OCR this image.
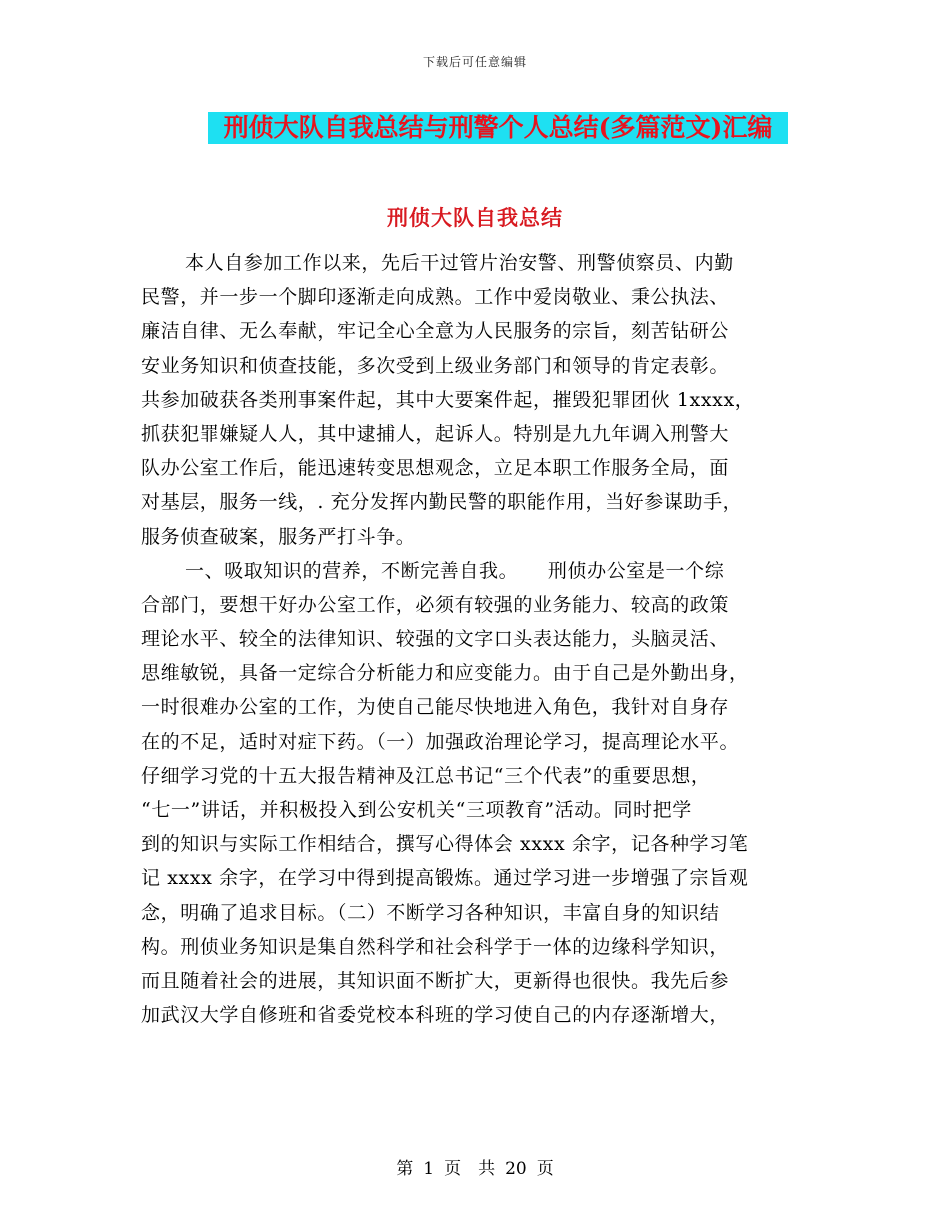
下载后可任意编辑
刑侦大队自我总结与刑警个人总结(多篇范文)汇编
刑侦大队自我总结
本人自参加工作以来，先后干过管片治安警、刑警侦察员、内勤
民警，并一步一个脚印逐渐走向成熟。工作中爱岗敬业、秉公执法、
廉洁自律、无么奉献，牢记全心全意为人民服务的宗旨，刻苦钻研公
安业务知识和侦查技能，多次受到上级业务部门和领导的肯定表彰。
共参加破获各类刑事案件起，其中大要案件起，摧毁犯罪团伙 1xxxx，
抓获犯罪嫌疑人人，其中逮捕人，起诉人。特别是九九年调入刑警大
队办公室工作后，能迅速转变思想观念，立足本职工作服务全局，面
对基层，服务一线，. 充分发挥内勤民警的职能作用，当好参谋助手，
服务侦查破案，服务严打斗争。
一、吸取知识的营养，不断完善自我。　　刑侦办公室是一个综
合部门，要想干好办公室工作，必须有较强的业务能力、较高的政策
理论水平、较全的法律知识、较强的文字口头表达能力，头脑灵活、
思维敏锐，具备一定综合分析能力和应变能力。由于自己是外勤出身，
一时很难办公室的工作，为使自己能尽快地进入角色，我针对自身存
在的不足，适时对症下药。（一）加强政治理论学习，提高理论水平。
仔细学习党的十五大报告精神及江总书记“三个代表”的重要思想，
“七一”讲话，并积极投入到公安机关“三项教育”活动。同时把学
到的知识与实际工作相结合，撰写心得体会 xxxx 余字，记各种学习笔
记 xxxx 余字，在学习中得到提高锻炼。通过学习进一步增强了宗旨观
念，明确了追求目标。（二）不断学习各种知识，丰富自身的知识结
构。刑侦业务知识是集自然科学和社会科学于一体的边缘科学知识，
而且随着社会的进展，其知识面不断扩大，更新得也很快。我先后参
加武汉大学自修班和省委党校本科班的学习使自己的内存逐渐增大，
第 1 页　共 20 页
